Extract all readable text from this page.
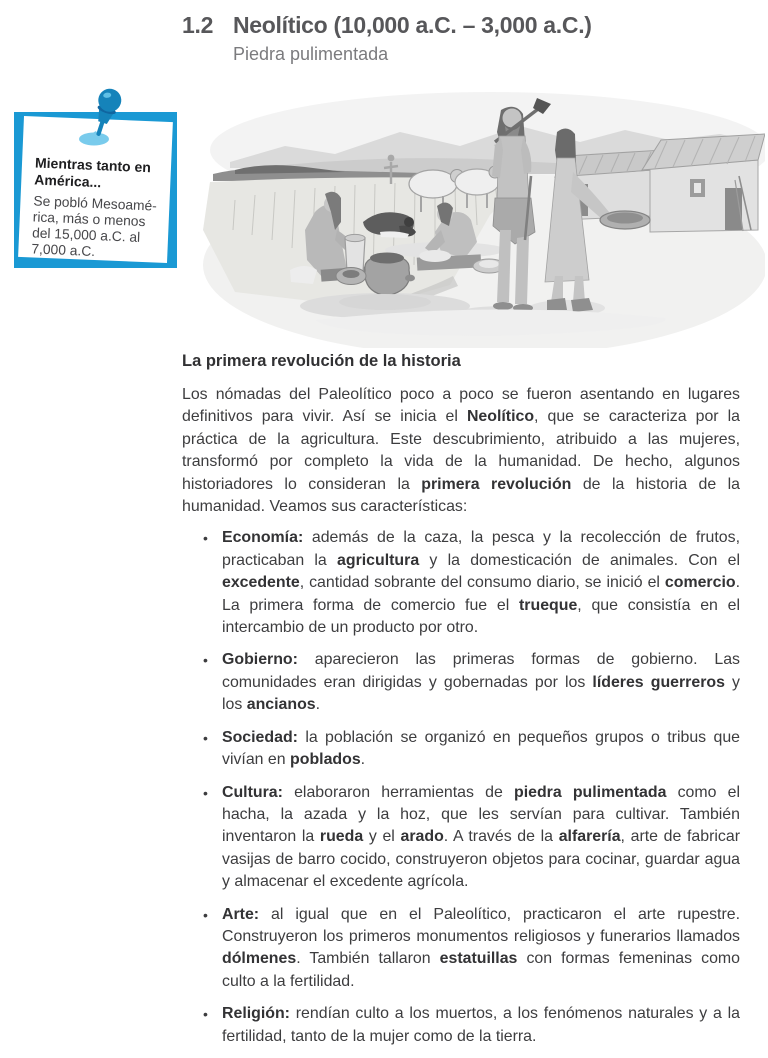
1.2 Neolítico (10,000 a.C. – 3,000 a.C.)
Piedra pulimentada
Mientras tanto en
América...
Se pobló Mesoamé-
rica, más o menos
del 15,000 a.C. al
7,000 a.C.
La primera revolución de la historia

Los nómadas del Paleolítico poco a poco se fueron asentando en lugares definitivos para vivir. Así se inicia el Neolítico, que se caracteriza por la práctica de la agricultura. Este descubrimiento, atribuido a las mujeres, transformó por completo la vida de la humanidad. De hecho, algunos historiadores lo consideran la primera revolución de la historia de la humanidad. Veamos sus características:

• Economía: además de la caza, la pesca y la recolección de frutos, practicaban la agricultura y la domesticación de animales. Con el excedente, cantidad sobrante del consumo diario, se inició el comercio. La primera forma de comercio fue el trueque, que consistía en el intercambio de un producto por otro.
• Gobierno: aparecieron las primeras formas de gobierno. Las comunidades eran dirigidas y gobernadas por los líderes guerreros y los ancianos.
• Sociedad: la población se organizó en pequeños grupos o tribus que vivían en poblados.
• Cultura: elaboraron herramientas de piedra pulimentada como el hacha, la azada y la hoz, que les servían para cultivar. También inventaron la rueda y el arado. A través de la alfarería, arte de fabricar vasijas de barro cocido, construyeron objetos para cocinar, guardar agua y almacenar el excedente agrícola.
• Arte: al igual que en el Paleolítico, practicaron el arte rupestre. Construyeron los primeros monumentos religiosos y funerarios llamados dólmenes. También tallaron estatuillas con formas femeninas como culto a la fertilidad.
• Religión: rendían culto a los muertos, a los fenómenos naturales y a la fertilidad, tanto de la mujer como de la tierra.
